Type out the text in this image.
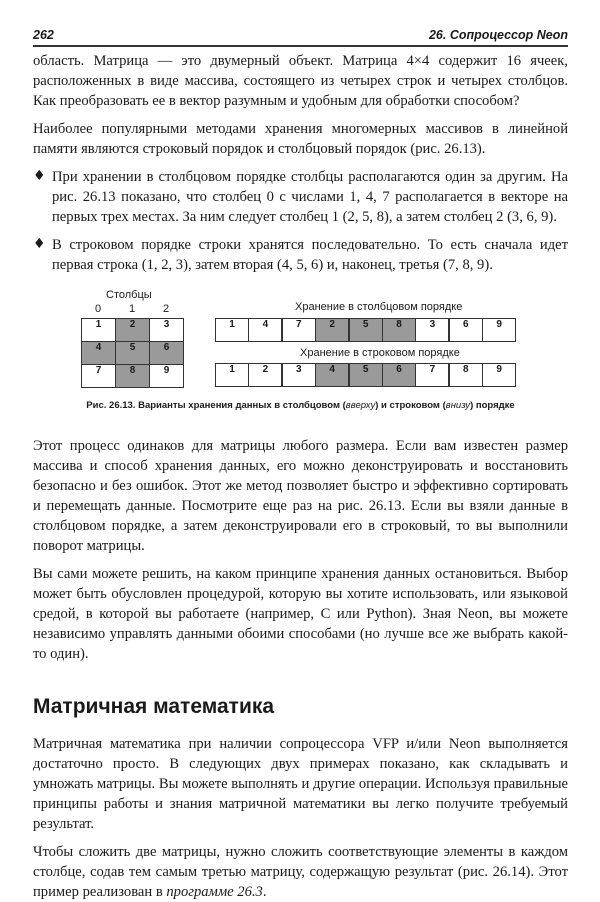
262	26. Сопроцессор Neon

область. Матрица — это двумерный объект. Матрица 4×4 содержит 16 ячеек, расположенных в виде массива, состоящего из четырех строк и четырех столбцов. Как преобразовать ее в вектор разумным и удобным для обработки способом?

Наиболее популярными методами хранения многомерных массивов в линейной памяти являются строковый порядок и столбцовый порядок (рис. 26.13).

♦ При хранении в столбцовом порядке столбцы располагаются один за другим. На рис. 26.13 показано, что столбец 0 с числами 1, 4, 7 располагается в векторе на первых трех местах. За ним следует столбец 1 (2, 5, 8), а затем столбец 2 (3, 6, 9).

♦ В строковом порядке строки хранятся последовательно. То есть сначала идет первая строка (1, 2, 3), затем вторая (4, 5, 6) и, наконец, третья (7, 8, 9).

Столбцы
0	1	2	Хранение в столбцовом порядке
Хранение в строковом порядке
1	2	3
4	5	6
7	8	9
1	4	7	2	5	8	3	6	9
1	2	3	4	5	6	7	8	9
Рис. 26.13. Варианты хранения данных в столбцовом (вверху) и строковом (внизу) порядке

Этот процесс одинаков для матрицы любого размера. Если вам известен размер массива и способ хранения данных, его можно деконструировать и восстановить безопасно и без ошибок. Этот же метод позволяет быстро и эффективно сортировать и перемещать данные. Посмотрите еще раз на рис. 26.13. Если вы взяли данные в столбцовом порядке, а затем деконструировали его в строковый, то вы выполнили поворот матрицы.

Вы сами можете решить, на каком принципе хранения данных остановиться. Выбор может быть обусловлен процедурой, которую вы хотите использовать, или языковой средой, в которой вы работаете (например, C или Python). Зная Neon, вы можете независимо управлять данными обоими способами (но лучше все же выбрать какой-то один).

Матричная математика

Матричная математика при наличии сопроцессора VFP и/или Neon выполняется достаточно просто. В следующих двух примерах показано, как складывать и умножать матрицы. Вы можете выполнять и другие операции. Используя правильные принципы работы и знания матричной математики вы легко получите требуемый результат.

Чтобы сложить две матрицы, нужно сложить соответствующие элементы в каждом столбце, содав тем самым третью матрицу, содержащую результат (рис. 26.14). Этот пример реализован в программе 26.3.
